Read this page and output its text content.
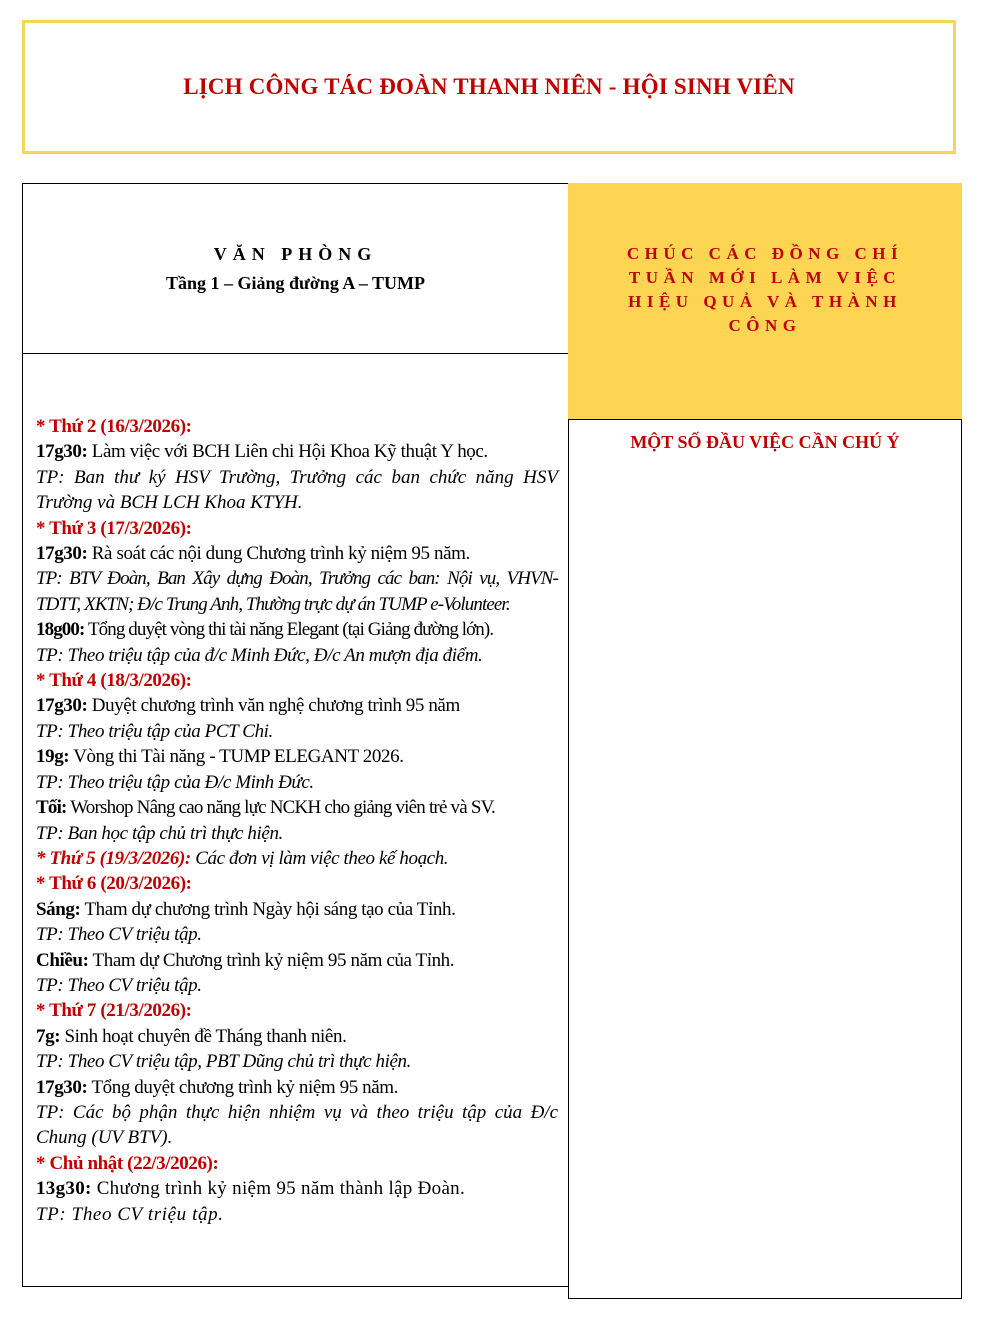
LỊCH CÔNG TÁC ĐOÀN THANH NIÊN - HỘI SINH VIÊN
VĂN PHÒNG
Tầng 1 – Giảng đường A – TUMP
CHÚC CÁC ĐỒNG CHÍ TUẦN MỚI LÀM VIỆC HIỆU QUẢ VÀ THÀNH CÔNG
* Thứ 2 (16/3/2026):
17g30: Làm việc với BCH Liên chi Hội Khoa Kỹ thuật Y học.
TP: Ban thư ký HSV Trường, Trưởng các ban chức năng HSV Trường và BCH LCH Khoa KTYH.
* Thứ 3 (17/3/2026):
17g30: Rà soát các nội dung Chương trình kỷ niệm 95 năm.
TP: BTV Đoàn, Ban Xây dựng Đoàn, Trưởng các ban: Nội vụ, VHVN-TDTT, XKTN; Đ/c Trung Anh, Thường trực dự án TUMP e-Volunteer.
18g00: Tổng duyệt vòng thi tài năng Elegant (tại Giảng đường lớn).
TP: Theo triệu tập của đ/c Minh Đức, Đ/c An mượn địa điểm.
* Thứ 4 (18/3/2026):
17g30: Duyệt chương trình văn nghệ chương trình 95 năm
TP: Theo triệu tập của PCT Chi.
19g: Vòng thi Tài năng - TUMP ELEGANT 2026.
TP: Theo triệu tập của Đ/c Minh Đức.
Tối: Worshop Nâng cao năng lực NCKH cho giảng viên trẻ và SV.
TP: Ban học tập chủ trì thực hiện.
* Thứ 5 (19/3/2026): Các đơn vị làm việc theo kế hoạch.
* Thứ 6 (20/3/2026):
Sáng: Tham dự chương trình Ngày hội sáng tạo của Tỉnh.
TP: Theo CV triệu tập.
Chiều: Tham dự Chương trình kỷ niệm 95 năm của Tỉnh.
TP: Theo CV triệu tập.
* Thứ 7 (21/3/2026):
7g: Sinh hoạt chuyên đề Tháng thanh niên.
TP: Theo CV triệu tập, PBT Dũng chủ trì thực hiện.
17g30: Tổng duyệt chương trình kỷ niệm 95 năm.
TP: Các bộ phận thực hiện nhiệm vụ và theo triệu tập của Đ/c Chung (UV BTV).
* Chủ nhật (22/3/2026):
13g30: Chương trình kỷ niệm 95 năm thành lập Đoàn.
TP: Theo CV triệu tập.
MỘT SỐ ĐẦU VIỆC CẦN CHÚ Ý
